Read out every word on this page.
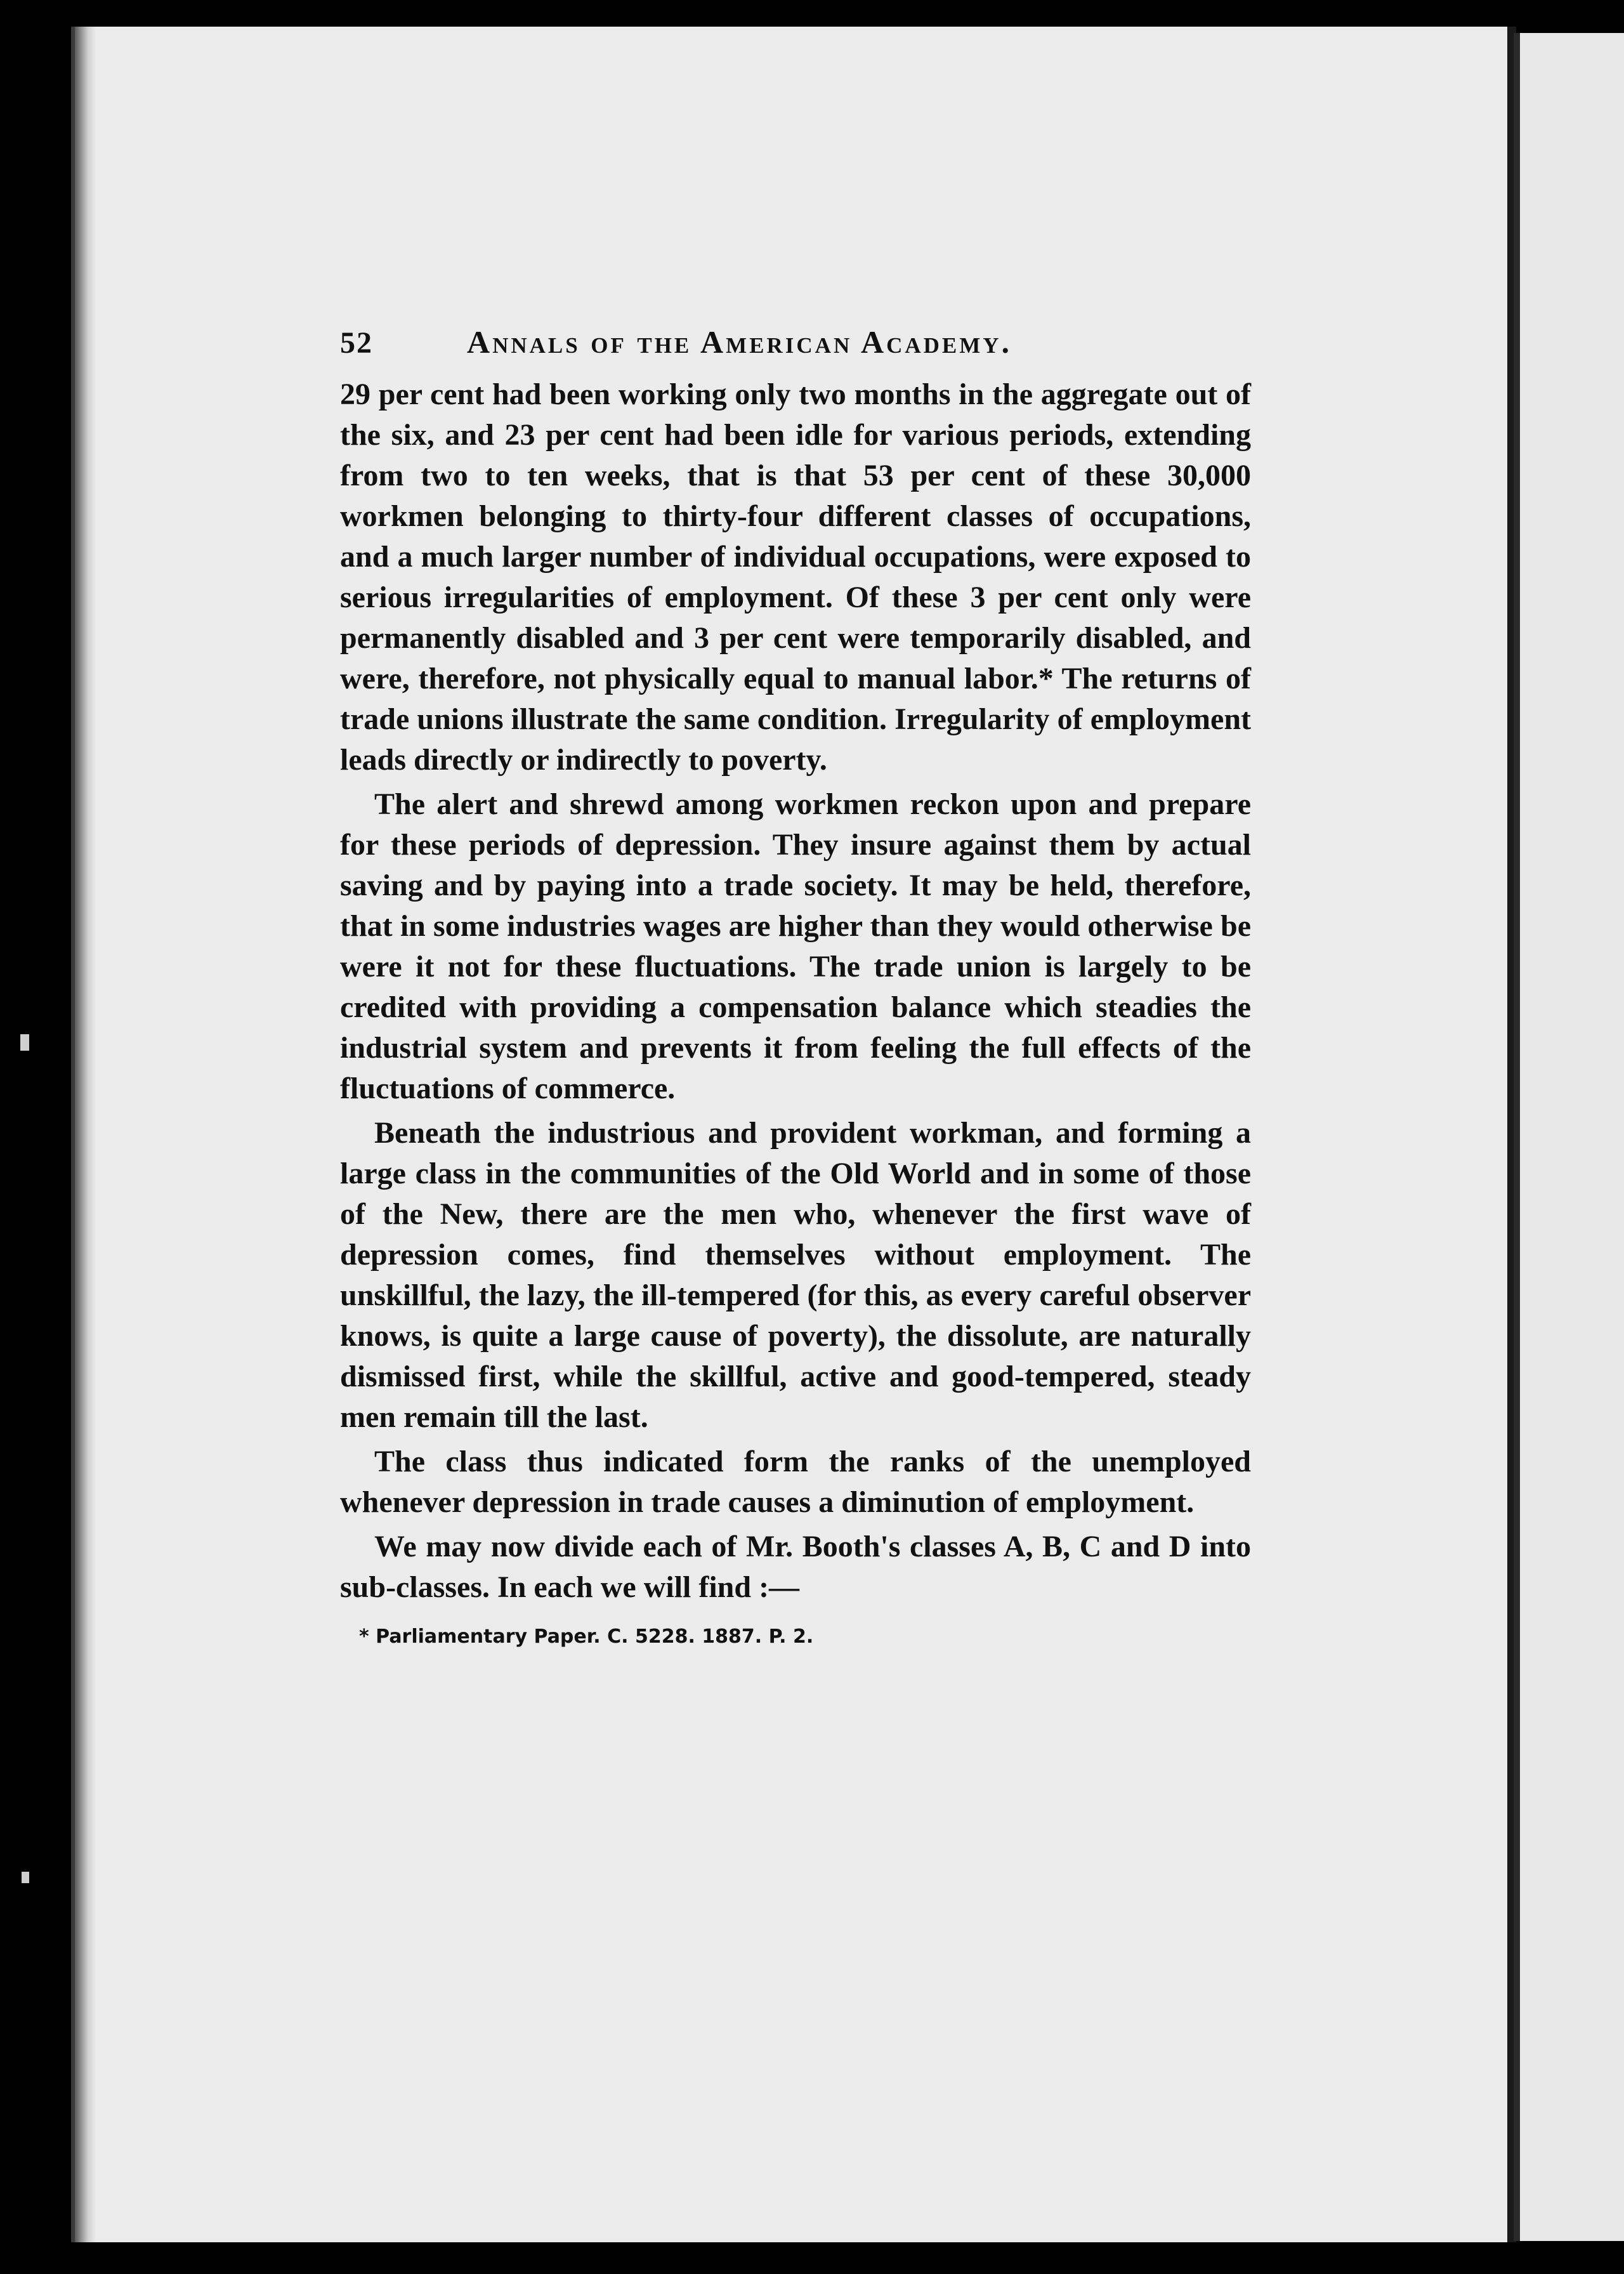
52	Annals of the American Academy.

29 per cent had been working only two months in the aggregate out of the six, and 23 per cent had been idle for various periods, extending from two to ten weeks, that is that 53 per cent of these 30,000 workmen belonging to thirty-four different classes of occupations, and a much larger number of individual occupations, were exposed to serious irregularities of employment. Of these 3 per cent only were permanently disabled and 3 per cent were temporarily disabled, and were, therefore, not physically equal to manual labor.* The returns of trade unions illustrate the same condition. Irregularity of employment leads directly or indirectly to poverty.

The alert and shrewd among workmen reckon upon and prepare for these periods of depression. They insure against them by actual saving and by paying into a trade society. It may be held, therefore, that in some industries wages are higher than they would otherwise be were it not for these fluctuations. The trade union is largely to be credited with providing a compensation balance which steadies the industrial system and prevents it from feeling the full effects of the fluctuations of commerce.

Beneath the industrious and provident workman, and forming a large class in the communities of the Old World and in some of those of the New, there are the men who, whenever the first wave of depression comes, find themselves without employment. The unskillful, the lazy, the ill-tempered (for this, as every careful observer knows, is quite a large cause of poverty), the dissolute, are naturally dismissed first, while the skillful, active and good-tempered, steady men remain till the last.

The class thus indicated form the ranks of the unemployed whenever depression in trade causes a diminution of employment.

We may now divide each of Mr. Booth's classes A, B, C and D into sub-classes. In each we will find :—

* Parliamentary Paper. C. 5228. 1887. P. 2.
